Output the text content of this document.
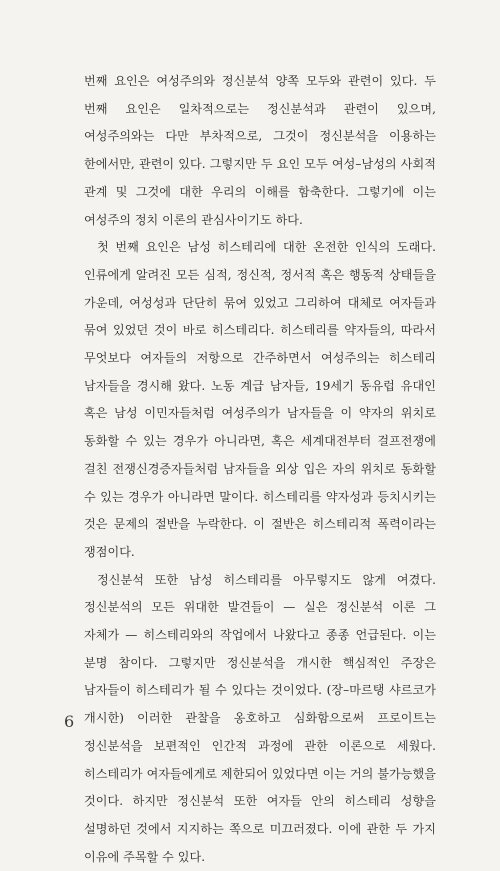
번째 요인은 여성주의와 정신분석 양쪽 모두와 관련이 있다. 두 번째 요인은 일차적으로는 정신분석과 관련이 있으며, 여성주의와는 다만 부차적으로, 그것이 정신분석을 이용하는 한에서만, 관련이 있다. 그렇지만 두 요인 모두 여성–남성의 사회적 관계 및 그것에 대한 우리의 이해를 함축한다. 그렇기에 이는 여성주의 정치 이론의 관심사이기도 하다.

첫 번째 요인은 남성 히스테리에 대한 온전한 인식의 도래다. 인류에게 알려진 모든 심적, 정신적, 정서적 혹은 행동적 상태들을 가운데, 여성성과 단단히 묶여 있었고 그리하여 대체로 여자들과 묶여 있었던 것이 바로 히스테리다. 히스테리를 약자들의, 따라서 무엇보다 여자들의 저항으로 간주하면서 여성주의는 히스테리 남자들을 경시해 왔다. 노동 계급 남자들, 19세기 동유럽 유대인 혹은 남성 이민자들처럼 여성주의가 남자들을 이 약자의 위치로 동화할 수 있는 경우가 아니라면, 혹은 세계대전부터 걸프전쟁에 걸친 전쟁신경증자들처럼 남자들을 외상 입은 자의 위치로 동화할 수 있는 경우가 아니라면 말이다. 히스테리를 약자성과 등치시키는 것은 문제의 절반을 누락한다. 이 절반은 히스테리적 폭력이라는 쟁점이다.

정신분석 또한 남성 히스테리를 아무렇지도 않게 여겼다. 정신분석의 모든 위대한 발견들이 — 실은 정신분석 이론 그 자체가 — 히스테리와의 작업에서 나왔다고 종종 언급된다. 이는 분명 참이다. 그렇지만 정신분석을 개시한 핵심적인 주장은 남자들이 히스테리가 될 수 있다는 것이었다. (장–마르탱 샤르코가 개시한) 이러한 관찰을 옹호하고 심화함으로써 프로이트는 정신분석을 보편적인 인간적 과정에 관한 이론으로 세웠다. 히스테리가 여자들에게로 제한되어 있었다면 이는 거의 불가능했을 것이다. 하지만 정신분석 또한 여자들 안의 히스테리 성향을 설명하던 것에서 지지하는 쪽으로 미끄러졌다. 이에 관한 두 가지 이유에 주목할 수 있다.

6
